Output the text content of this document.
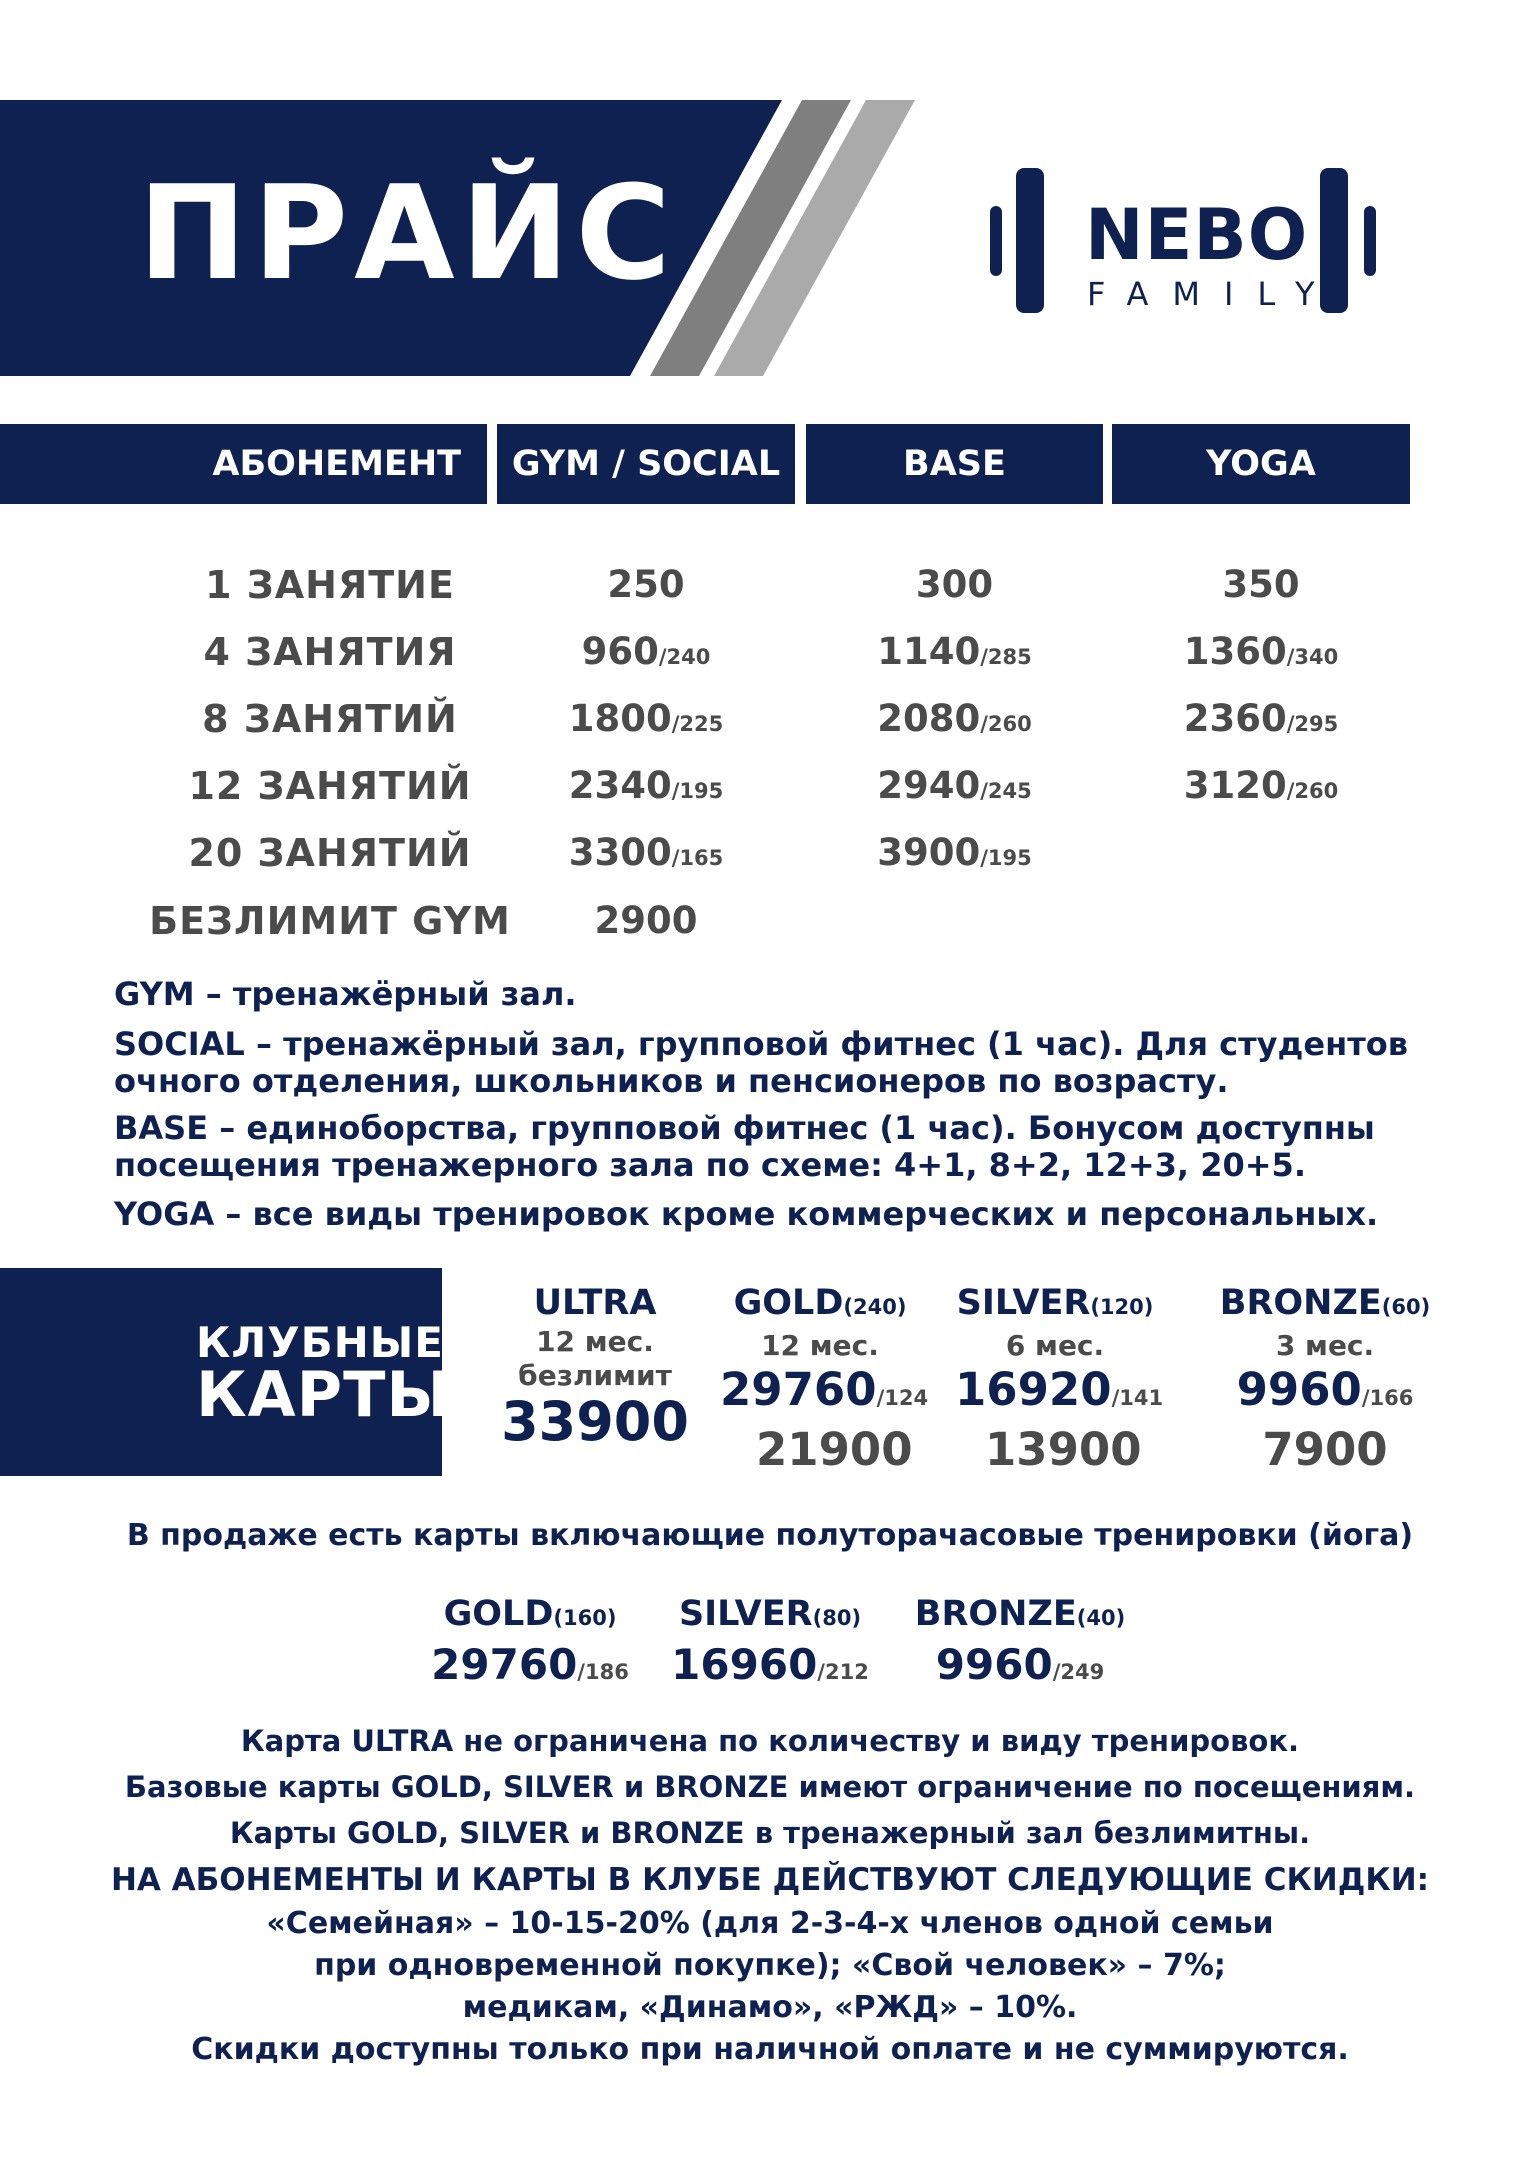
ПРАЙС	NEBO
FAMILY
АБОНЕМЕНТ	GYM / SOCIAL	BASE	YOGA
1 ЗАНЯТИЕ	250	300	350
4 ЗАНЯТИЯ	960/240	1140/285	1360/340
8 ЗАНЯТИЙ	1800/225	2080/260	2360/295
12 ЗАНЯТИЙ	2340/195	2940/245	3120/260
20 ЗАНЯТИЙ	3300/165	3900/195
БЕЗЛИМИТ GYM	2900
GYM – тренажёрный зал.
SOCIAL – тренажёрный зал, групповой фитнес (1 час). Для студентов очного отделения, школьников и пенсионеров по возрасту.
BASE – единоборства, групповой фитнес (1 час). Бонусом доступны посещения тренажерного зала по схеме: 4+1, 8+2, 12+3, 20+5.
YOGA – все виды тренировок кроме коммерческих и персональных.
КЛУБНЫЕ
КАРТЫ
ULTRA
12 мес.
безлимит
33900
GOLD(240)
12 мес.
29760/124
21900
SILVER(120)
6 мес.
16920/141
13900
BRONZE(60)
3 мес.
9960/166
7900
В продаже есть карты включающие полуторачасовые тренировки (йога)
GOLD(160)
29760/186
SILVER(80)
16960/212
BRONZE(40)
9960/249
Карта ULTRA не ограничена по количеству и виду тренировок.
Базовые карты GOLD, SILVER и BRONZE имеют ограничение по посещениям.
Карты GOLD, SILVER и BRONZE в тренажерный зал безлимитны.
НА АБОНЕМЕНТЫ И КАРТЫ В КЛУБЕ ДЕЙСТВУЮТ СЛЕДУЮЩИЕ СКИДКИ:
«Семейная» – 10-15-20% (для 2-3-4-х членов одной семьи
при одновременной покупке); «Свой человек» – 7%;
медикам, «Динамо», «РЖД» – 10%.
Скидки доступны только при наличной оплате и не суммируются.
